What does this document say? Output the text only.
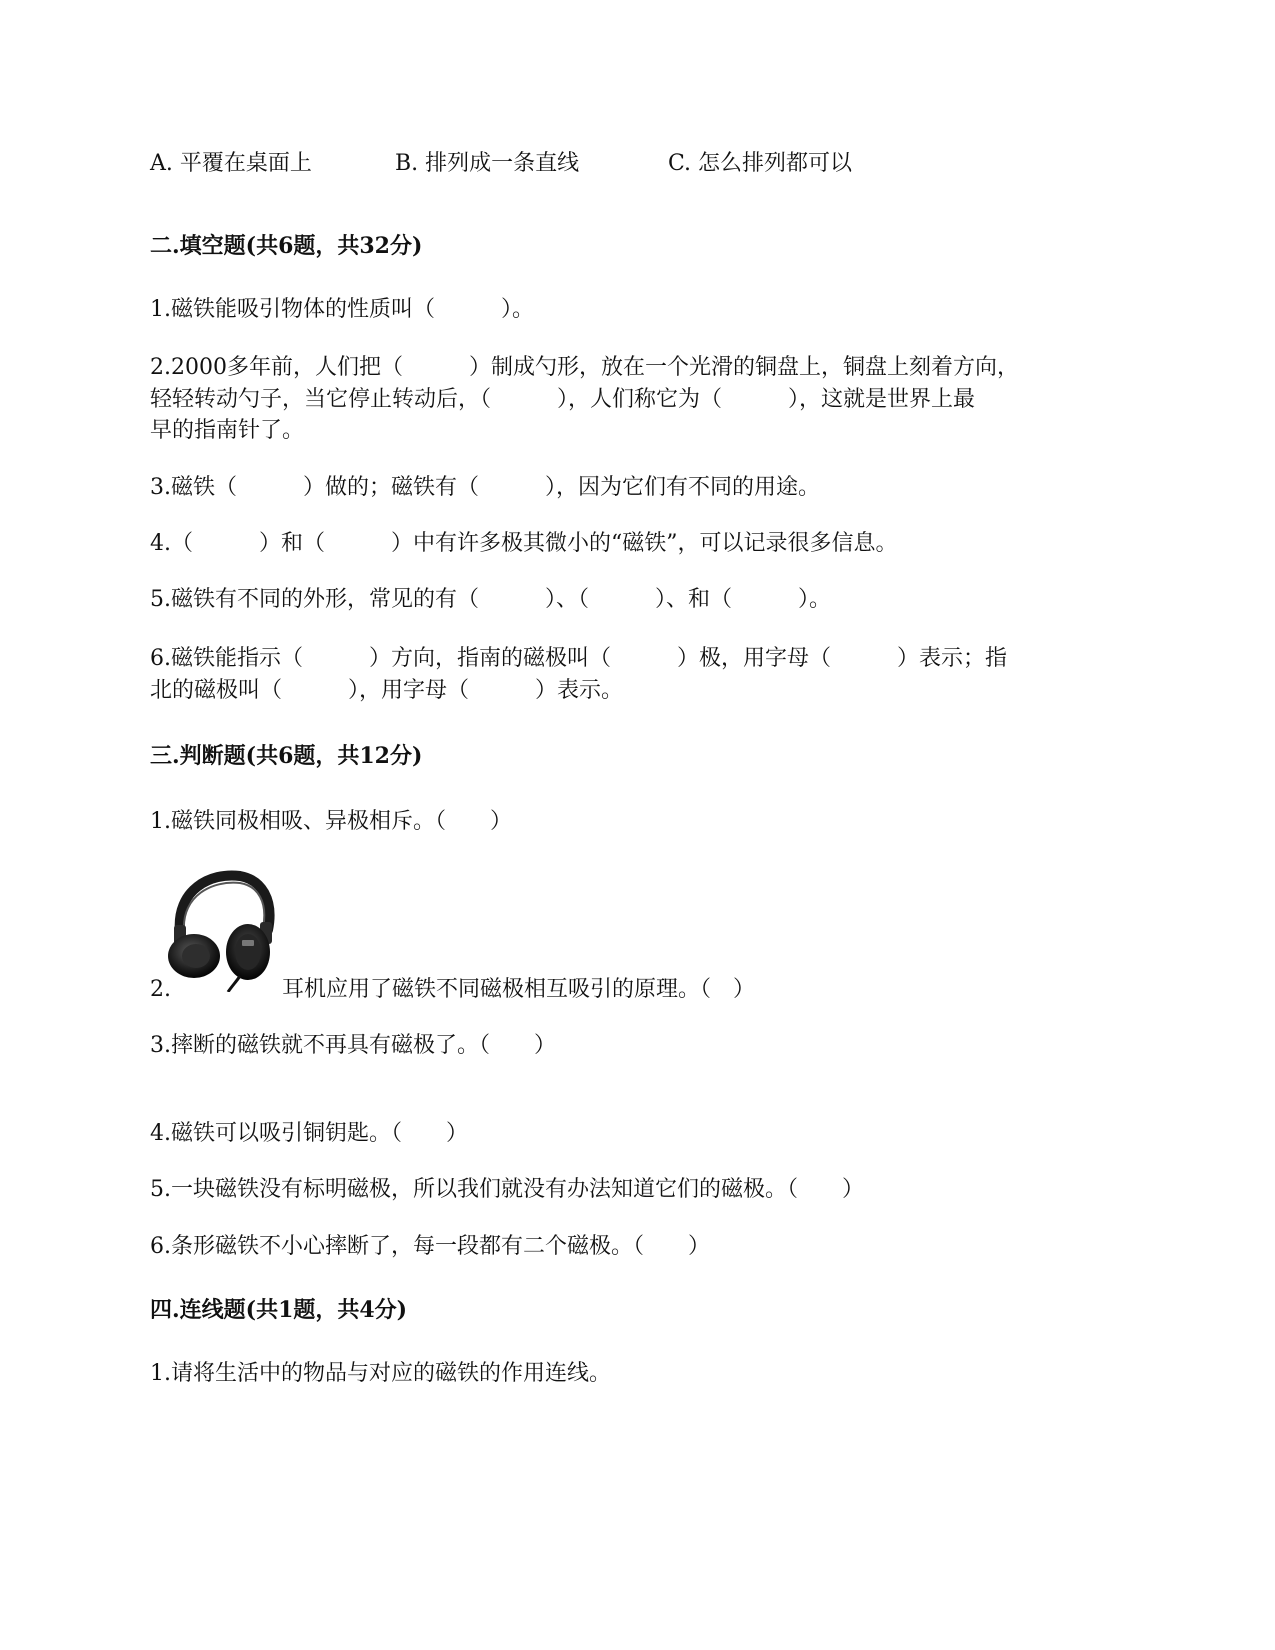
A. 平覆在桌面上	B. 排列成一条直线	C. 怎么排列都可以
二.填空题(共6题，共32分)
1.磁铁能吸引物体的性质叫（　　　）。
2.2000多年前，人们把（　　　）制成勺形，放在一个光滑的铜盘上，铜盘上刻着方向，
轻轻转动勺子，当它停止转动后，（　　　），人们称它为（　　　），这就是世界上最
早的指南针了。
3.磁铁（　　　）做的；磁铁有（　　　），因为它们有不同的用途。
4.（　　　）和（　　　）中有许多极其微小的“磁铁”，可以记录很多信息。
5.磁铁有不同的外形，常见的有（　　　）、（　　　）、和（　　　）。
6.磁铁能指示（　　　）方向，指南的磁极叫（　　　）极，用字母（　　　）表示；指
北的磁极叫（　　　），用字母（　　　）表示。
三.判断题(共6题，共12分)
1.磁铁同极相吸、异极相斥。（　　）
2.	耳机应用了磁铁不同磁极相互吸引的原理。（　）
3.摔断的磁铁就不再具有磁极了。（　　）
4.磁铁可以吸引铜钥匙。（　　）
5.一块磁铁没有标明磁极，所以我们就没有办法知道它们的磁极。（　　）
6.条形磁铁不小心摔断了，每一段都有二个磁极。（　　）
四.连线题(共1题，共4分)
1.请将生活中的物品与对应的磁铁的作用连线。
